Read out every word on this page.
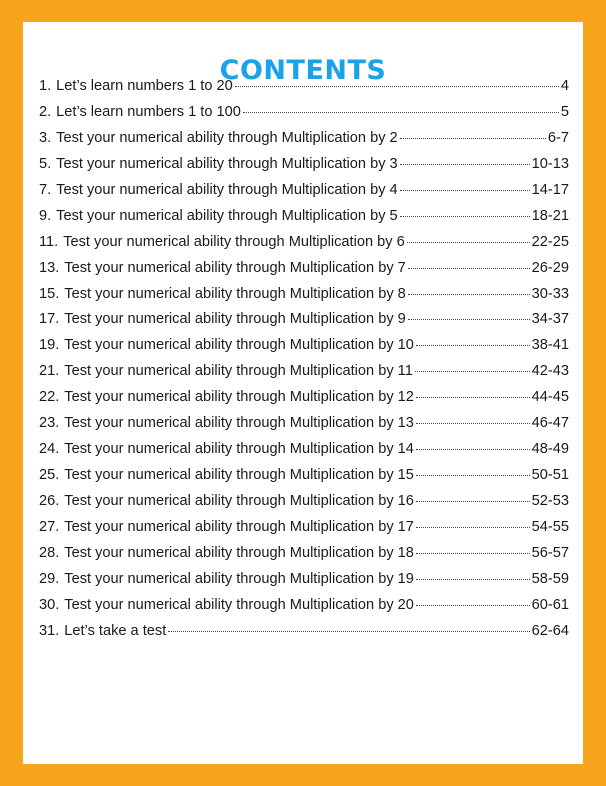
CONTENTS
1. Let’s learn numbers 1 to 20	4
2. Let’s learn numbers 1 to 100	5
3. Test your numerical ability through Multiplication by 2	6-7
5. Test your numerical ability through Multiplication by 3	10-13
7. Test your numerical ability through Multiplication by 4	14-17
9. Test your numerical ability through Multiplication by 5	18-21
11. Test your numerical ability through Multiplication by 6	22-25
13. Test your numerical ability through Multiplication by 7	26-29
15. Test your numerical ability through Multiplication by 8	30-33
17. Test your numerical ability through Multiplication by 9	34-37
19. Test your numerical ability through Multiplication by 10	38-41
21. Test your numerical ability through Multiplication by 11	42-43
22. Test your numerical ability through Multiplication by 12	44-45
23. Test your numerical ability through Multiplication by 13	46-47
24. Test your numerical ability through Multiplication by 14	48-49
25. Test your numerical ability through Multiplication by 15	50-51
26. Test your numerical ability through Multiplication by 16	52-53
27. Test your numerical ability through Multiplication by 17	54-55
28. Test your numerical ability through Multiplication by 18	56-57
29. Test your numerical ability through Multiplication by 19	58-59
30. Test your numerical ability through Multiplication by 20	60-61
31. Let’s take a test	62-64
